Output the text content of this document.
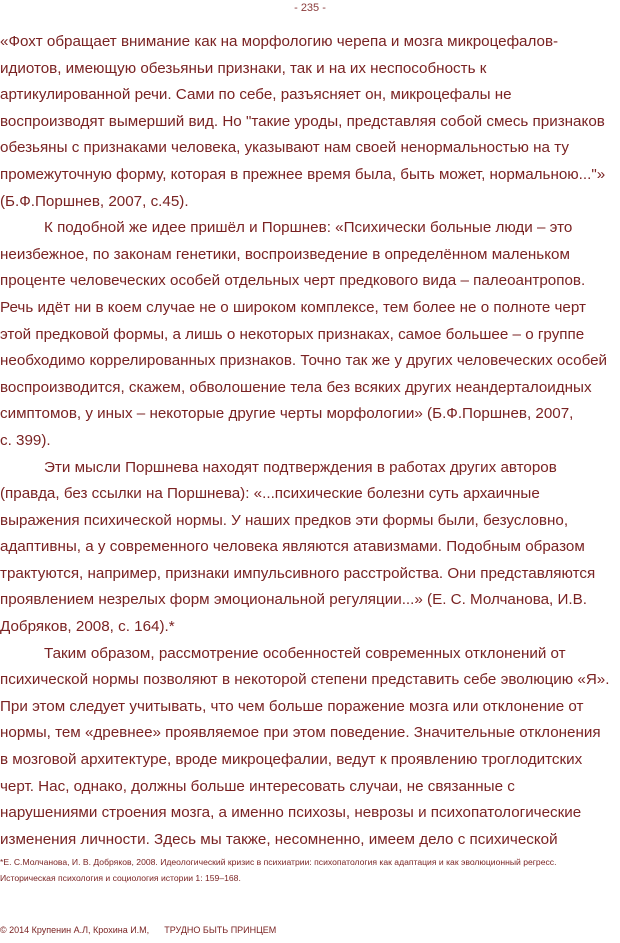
- 235 -
«Фохт обращает внимание как на морфологию черепа и мозга микроцефалов-
идиотов, имеющую обезьяньи признаки, так и на их неспособность к
артикулированной речи. Сами по себе, разъясняет он, микроцефалы не
воспроизводят вымерший вид. Но "такие уроды, представляя собой смесь признаков
обезьяны с признаками человека, указывают нам своей ненормальностью на ту
промежуточную форму, которая в прежнее время была, быть может, нормальною..."»
(Б.Ф.Поршнев, 2007, с.45).
К подобной же идее пришёл и Поршнев: «Психически больные люди – это
неизбежное, по законам генетики, воспроизведение в определённом маленьком
проценте человеческих особей отдельных черт предкового вида – палеоантропов.
Речь идёт ни в коем случае не о широком комплексе, тем более не о полноте черт
этой предковой формы, а лишь о некоторых признаках, самое большее – о группе
необходимо коррелированных признаков. Точно так же у других человеческих особей
воспроизводится, скажем, обволошение тела без всяких других неандерталоидных
симптомов, у иных – некоторые другие черты морфологии» (Б.Ф.Поршнев, 2007,
с. 399).
Эти мысли Поршнева находят подтверждения в работах других авторов
(правда, без ссылки на Поршнева): «...психические болезни суть архаичные
выражения психической нормы. У наших предков эти формы были, безусловно,
адаптивны, а у современного человека являются атавизмами. Подобным образом
трактуются, например, признаки импульсивного расстройства. Они представляются
проявлением незрелых форм эмоциональной регуляции...» (Е. С. Молчанова, И.В.
Добряков, 2008, с. 164).*
Таким образом, рассмотрение особенностей современных отклонений от
психической нормы позволяют в некоторой степени представить себе эволюцию «Я».
При этом следует учитывать, что чем больше поражение мозга или отклонение от
нормы, тем «древнее» проявляемое при этом поведение. Значительные отклонения
в мозговой архитектуре, вроде микроцефалии, ведут к проявлению троглодитских
черт. Нас, однако, должны больше интересовать случаи, не связанные с
нарушениями строения мозга, а именно психозы, неврозы и психопатологические
изменения личности. Здесь мы также, несомненно, имеем дело с психической
*Е. С.Молчанова, И. В. Добряков, 2008. Идеологический кризис в психиатрии: психопатология как адаптация и как эволюционный регресс.
Историческая психология и социология истории 1: 159–168.
© 2014 Крупенин А.Л, Крохина И.М, ТРУДНО БЫТЬ ПРИНЦЕМ
